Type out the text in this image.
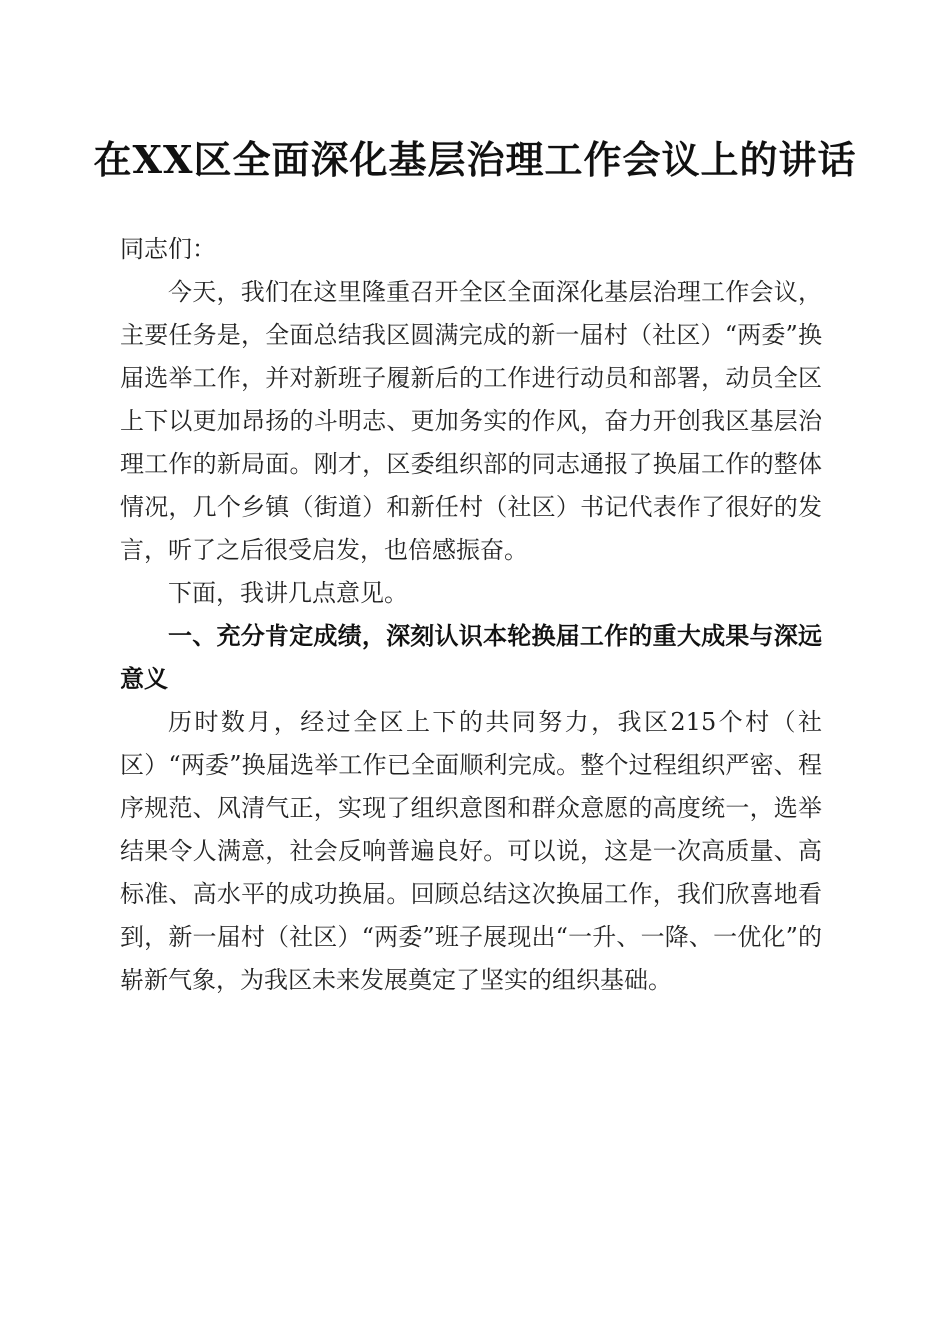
在XX区全面深化基层治理工作会议上的讲话

同志们：

今天，我们在这里隆重召开全区全面深化基层治理工作会议，主要任务是，全面总结我区圆满完成的新一届村（社区）“两委”换届选举工作，并对新班子履新后的工作进行动员和部署，动员全区上下以更加昂扬的斗明志、更加务实的作风，奋力开创我区基层治理工作的新局面。刚才，区委组织部的同志通报了换届工作的整体情况，几个乡镇（街道）和新任村（社区）书记代表作了很好的发言，听了之后很受启发，也倍感振奋。

下面，我讲几点意见。

一、充分肯定成绩，深刻认识本轮换届工作的重大成果与深远意义

历时数月，经过全区上下的共同努力，我区215个村（社区）“两委”换届选举工作已全面顺利完成。整个过程组织严密、程序规范、风清气正，实现了组织意图和群众意愿的高度统一，选举结果令人满意，社会反响普遍良好。可以说，这是一次高质量、高标准、高水平的成功换届。回顾总结这次换届工作，我们欣喜地看到，新一届村（社区）“两委”班子展现出“一升、一降、一优化”的崭新气象，为我区未来发展奠定了坚实的组织基础。
